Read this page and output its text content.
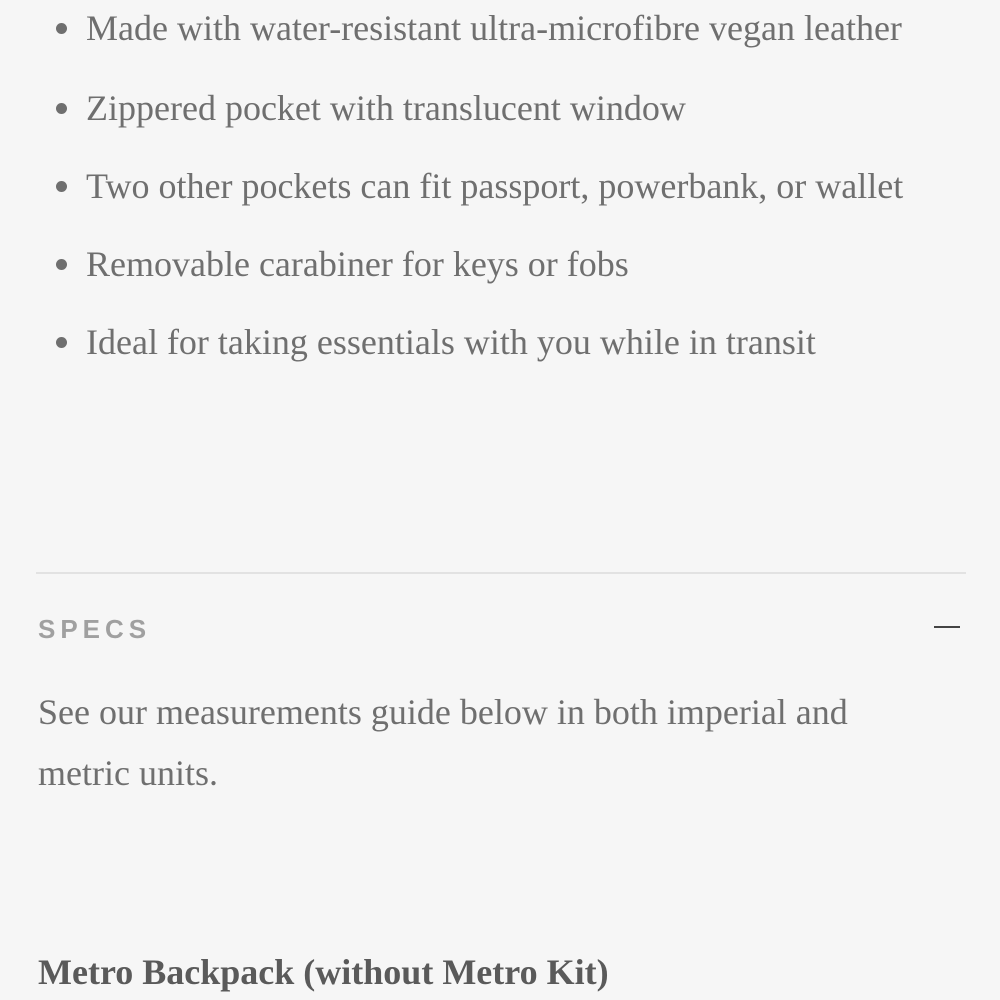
Made with water-resistant ultra-microfibre vegan leather
Zippered pocket with translucent window
Two other pockets can fit passport, powerbank, or wallet
Removable carabiner for keys or fobs
Ideal for taking essentials with you while in transit
SPECS

See our measurements guide below in both imperial and metric units.

Metro Backpack (without Metro Kit)
